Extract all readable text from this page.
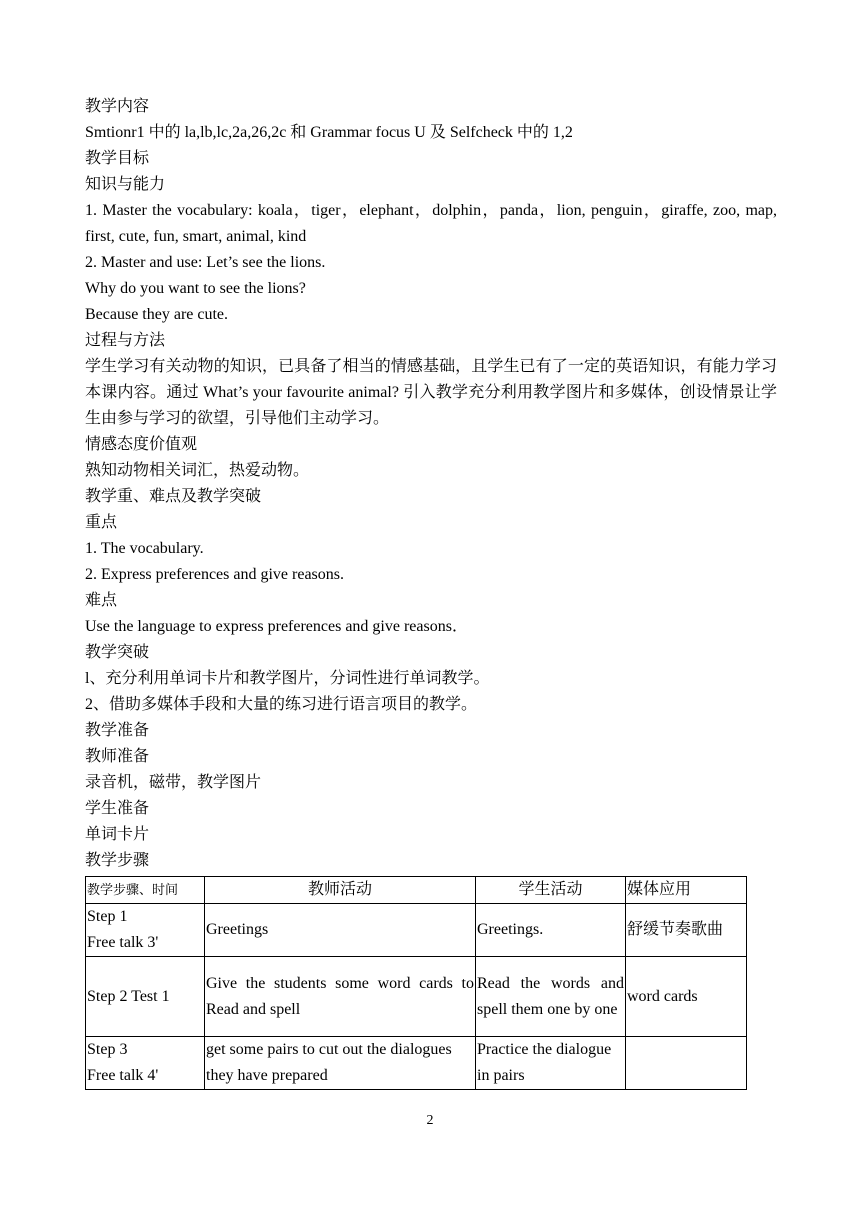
教学内容

Smtionr1 中的 la,lb,lc,2a,26,2c 和 Grammar focus U 及 Selfcheck 中的 1,2

教学目标

知识与能力

1. Master the vocabulary: koala，tiger，elephant，dolphin，panda，lion, penguin，giraffe, zoo, map, first, cute, fun, smart, animal, kind

2. Master and use: Let’s see the lions.

Why do you want to see the lions?

Because they are cute.

过程与方法

学生学习有关动物的知识，已具备了相当的情感基础，且学生已有了一定的英语知识，有能力学习本课内容。通过 What’s your favourite animal? 引入教学充分利用教学图片和多媒体，创设情景让学生由参与学习的欲望，引导他们主动学习。

情感态度价值观

熟知动物相关词汇，热爱动物。

教学重、难点及教学突破

重点

1. The vocabulary.

2. Express preferences and give reasons.

难点

Use the language to express preferences and give reasons．

教学突破

l、充分利用单词卡片和教学图片，分词性进行单词教学。

2、借助多媒体手段和大量的练习进行语言项目的教学。

教学准备

教师准备

录音机，磁带，教学图片

学生准备

单词卡片

教学步骤

教学步骤、时间	教师活动	学生活动	媒体应用

Step 1
Free talk 3'	Greetings	Greetings.	舒缓节奏歌曲

Step 2 Test 1	Give the students some word cards to Read and spell	Read the words and spell them one by one	word cards

Step 3
Free talk 4'	get some pairs to cut out the dialogues they have prepared	Practice the dialogue in pairs	
2
